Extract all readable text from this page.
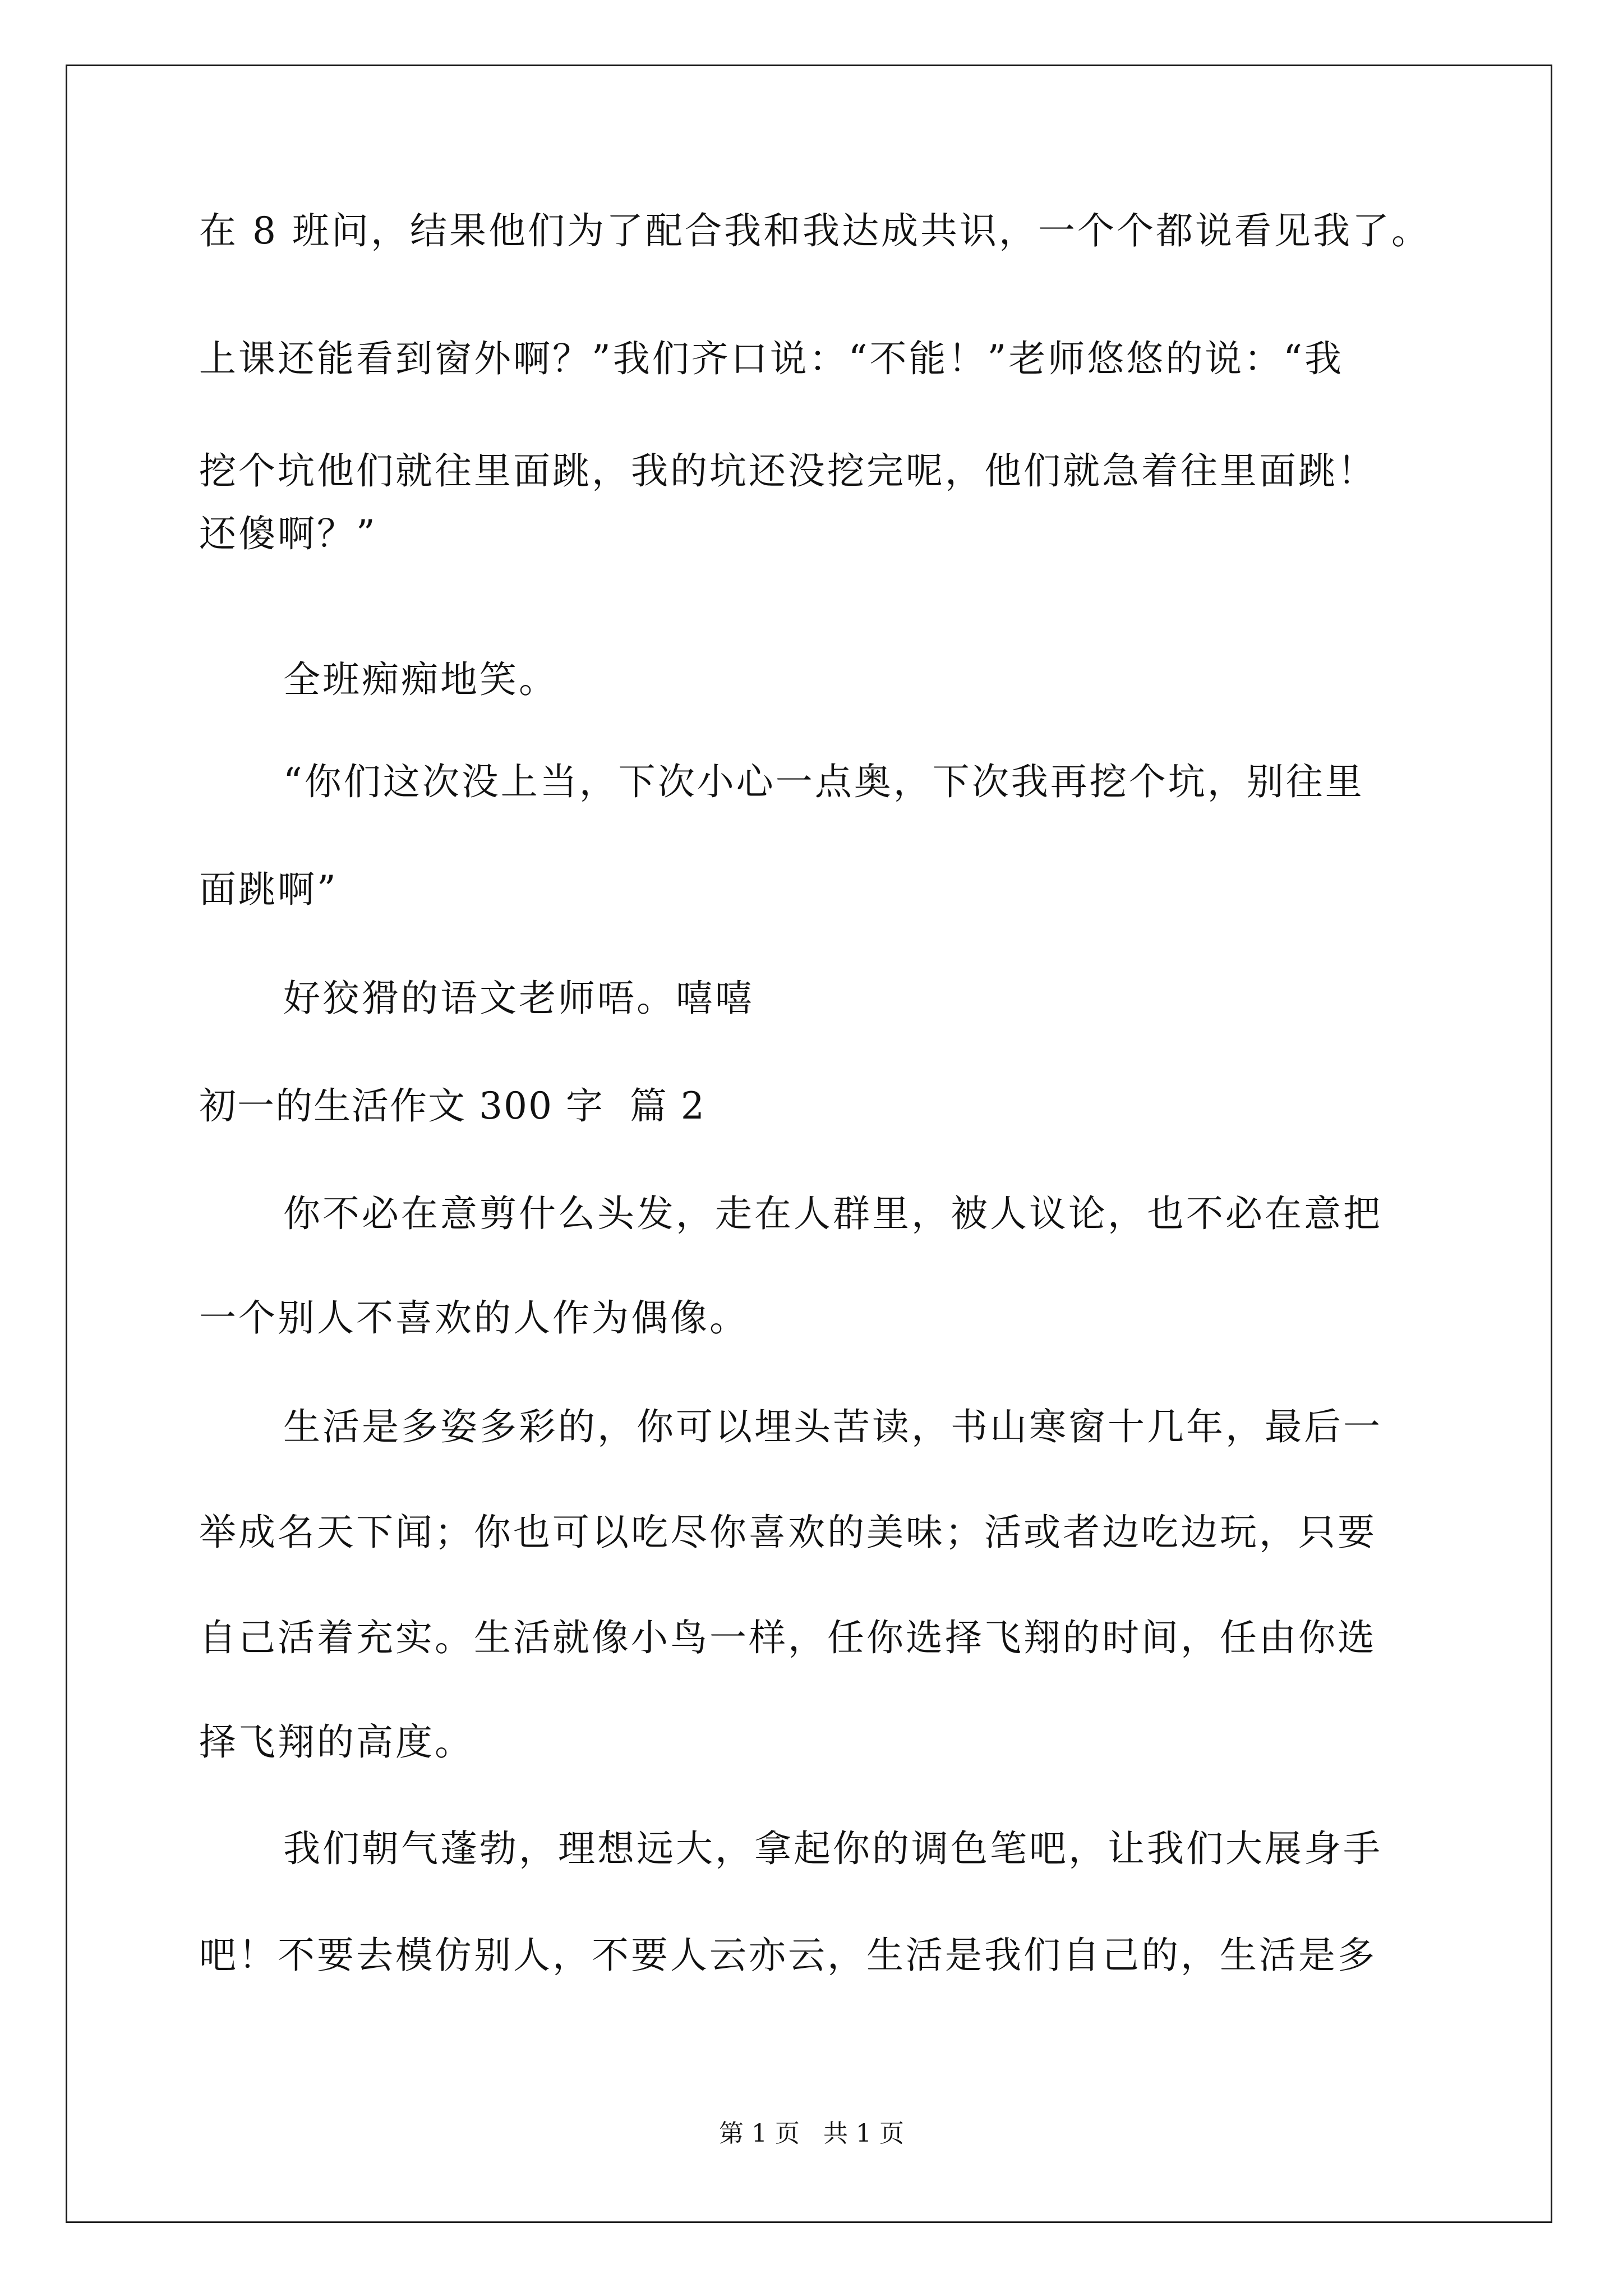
在 8 班问，结果他们为了配合我和我达成共识，一个个都说看见我了。
上课还能看到窗外啊？”我们齐口说：“不能！”老师悠悠的说：“我
挖个坑他们就往里面跳，我的坑还没挖完呢，他们就急着往里面跳！
还傻啊？”
全班痴痴地笑。
“你们这次没上当，下次小心一点奥，下次我再挖个坑，别往里
面跳啊”
好狡猾的语文老师唔。嘻嘻
初一的生活作文 300 字  篇 2
你不必在意剪什么头发，走在人群里，被人议论，也不必在意把
一个别人不喜欢的人作为偶像。
生活是多姿多彩的，你可以埋头苦读，书山寒窗十几年，最后一
举成名天下闻；你也可以吃尽你喜欢的美味；活或者边吃边玩，只要
自己活着充实。生活就像小鸟一样，任你选择飞翔的时间，任由你选
择飞翔的高度。
我们朝气蓬勃，理想远大，拿起你的调色笔吧，让我们大展身手
吧！不要去模仿别人，不要人云亦云，生活是我们自己的，生活是多
第 1 页   共 1 页
